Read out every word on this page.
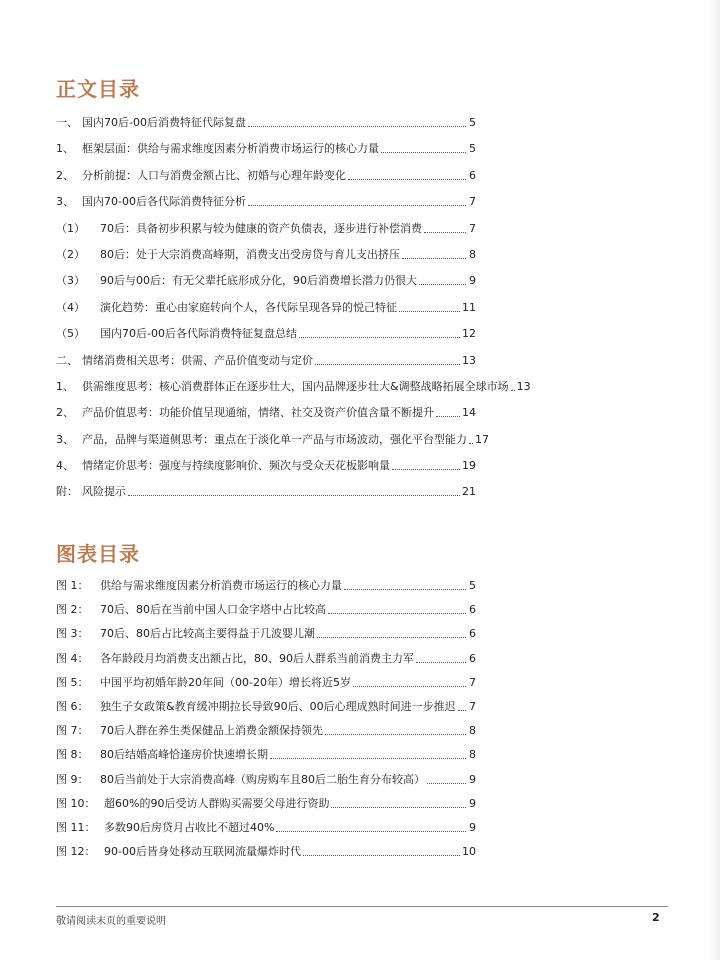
正文目录
一、 国内70后-00后消费特征代际复盘	5
1、 框架层面：供给与需求维度因素分析消费市场运行的核心力量	5
2、 分析前提：人口与消费金额占比、初婚与心理年龄变化	6
3、 国内70-00后各代际消费特征分析	7
（1）	70后：具备初步积累与较为健康的资产负债表，逐步进行补偿消费	7
（2）	80后：处于大宗消费高峰期，消费支出受房贷与育儿支出挤压	8
（3）	90后与00后：有无父辈托底形成分化，90后消费增长潜力仍很大	9
（4）	演化趋势：重心由家庭转向个人，各代际呈现各异的悦己特征	11
（5）	国内70后-00后各代际消费特征复盘总结	12
二、 情绪消费相关思考：供需、产品价值变动与定价	13
1、 供需维度思考：核心消费群体正在逐步壮大，国内品牌逐步壮大&调整战略拓展全球市场 13
2、 产品价值思考：功能价值呈现通缩，情绪、社交及资产价值含量不断提升	14
3、 产品，品牌与渠道侧思考：重点在于淡化单一产品与市场波动，强化平台型能力 17
4、 情绪定价思考：强度与持续度影响价、频次与受众天花板影响量	19
附： 风险提示	21
图表目录
图 1：	供给与需求维度因素分析消费市场运行的核心力量	5
图 2：	70后、80后在当前中国人口金字塔中占比较高	6
图 3：	70后、80后占比较高主要得益于几波婴儿潮	6
图 4：	各年龄段月均消费支出额占比，80、90后人群系当前消费主力军	6
图 5：	中国平均初婚年龄20年间（00-20年）增长将近5岁	7
图 6：	独生子女政策&教育缓冲期拉长导致90后、00后心理成熟时间进一步推迟 7
图 7：	70后人群在养生类保健品上消费金额保持领先	8
图 8：	80后结婚高峰恰逢房价快速增长期	8
图 9：	80后当前处于大宗消费高峰（购房购车且80后二胎生育分布较高）	9
图 10： 超60%的90后受访人群购买需要父母进行资助	9
图 11： 多数90后房贷月占收比不超过40%	9
图 12： 90-00后皆身处移动互联网流量爆炸时代	10
敬请阅读末页的重要说明	2
